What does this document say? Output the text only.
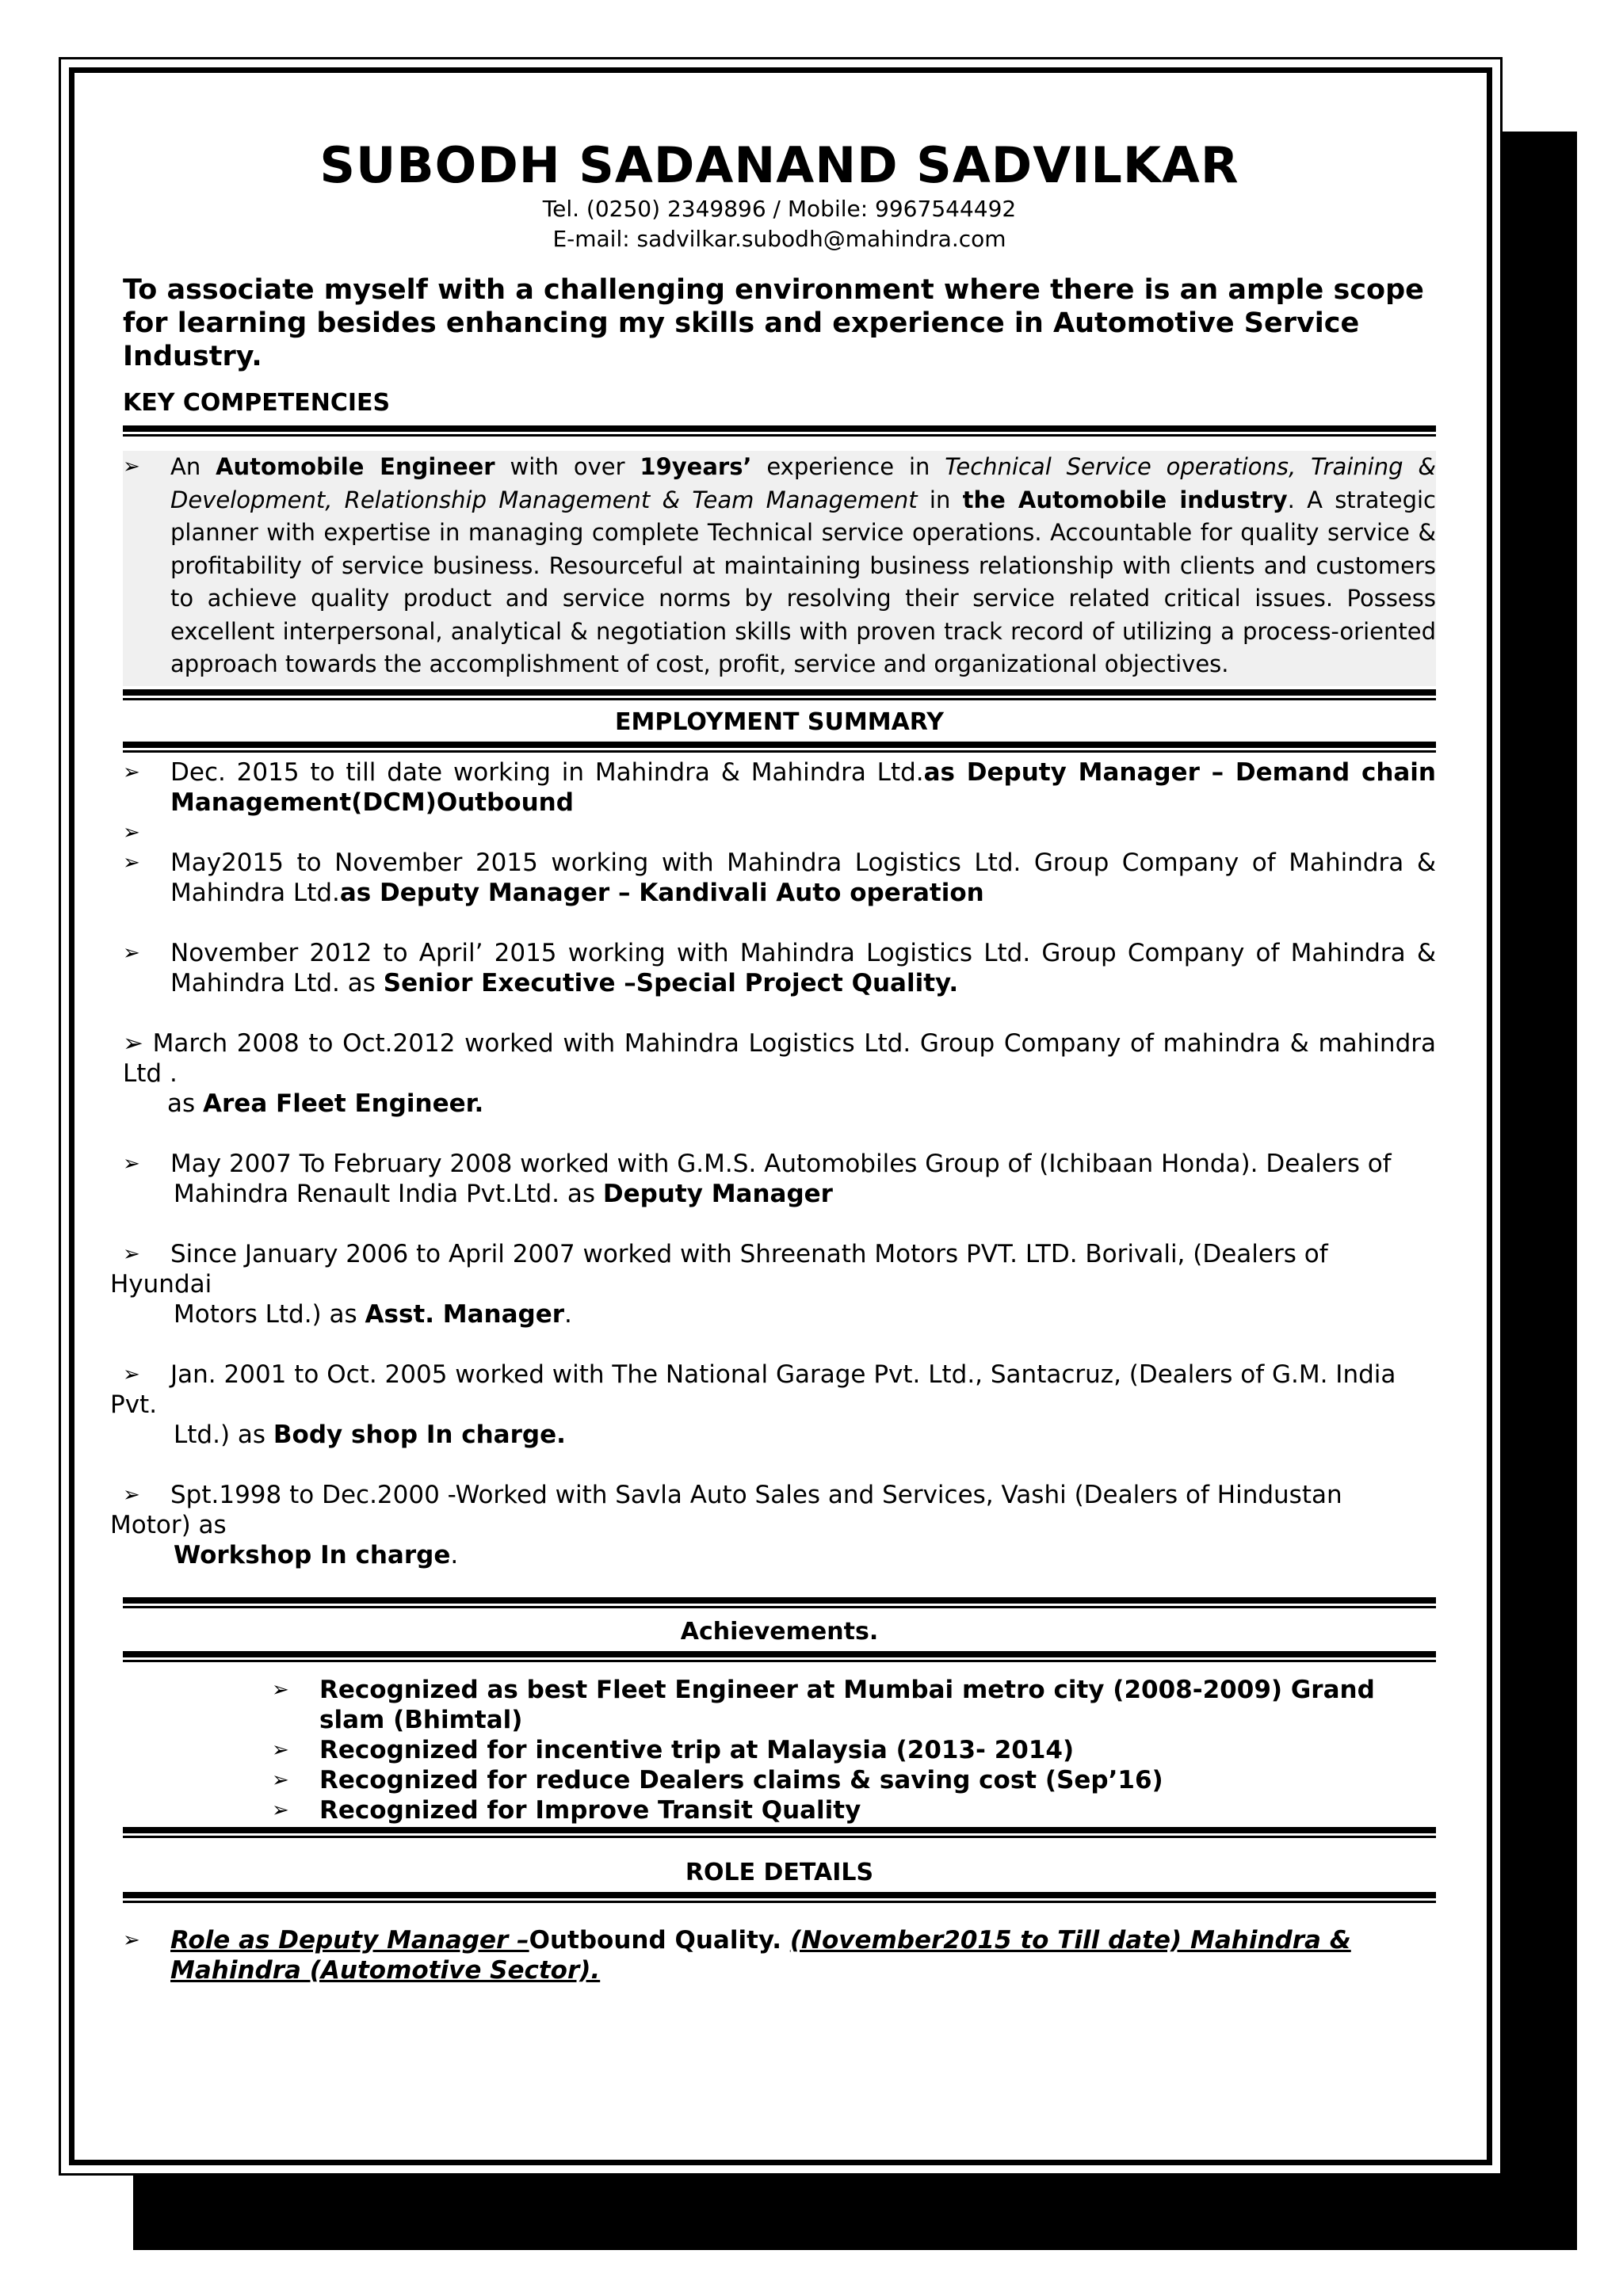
SUBODH SADANAND SADVILKAR
Tel. (0250) 2349896 / Mobile: 9967544492
E-mail: sadvilkar.subodh@mahindra.com
To associate myself with a challenging environment where there is an ample scope for learning besides enhancing my skills and experience in Automotive Service Industry.
KEY COMPETENCIES
➢	An Automobile Engineer with over 19years’ experience in Technical Service operations, Training & Development, Relationship Management & Team Management in the Automobile industry. A strategic planner with expertise in managing complete Technical service operations. Accountable for quality service & profitability of service business. Resourceful at maintaining business relationship with clients and customers to achieve quality product and service norms by resolving their service related critical issues. Possess excellent interpersonal, analytical & negotiation skills with proven track record of utilizing a process-oriented approach towards the accomplishment of cost, profit, service and organizational objectives.
EMPLOYMENT SUMMARY
➢	Dec. 2015 to till date working in Mahindra & Mahindra Ltd.as Deputy Manager – Demand chain Management(DCM)Outbound
➢
➢	May2015 to November 2015 working with Mahindra Logistics Ltd. Group Company of Mahindra & Mahindra Ltd.as Deputy Manager – Kandivali Auto operation
➢	November 2012 to April’ 2015 working with Mahindra Logistics Ltd. Group Company of Mahindra & Mahindra Ltd. as Senior Executive –Special Project Quality.
➢ March 2008 to Oct.2012 worked with Mahindra Logistics Ltd. Group Company of mahindra & mahindra Ltd .
as Area Fleet Engineer.
➢	May 2007 To February 2008 worked with G.M.S. Automobiles Group of (Ichibaan Honda). Dealers of
Mahindra Renault India Pvt.Ltd. as Deputy Manager
➢	Since January 2006 to April 2007 worked with Shreenath Motors PVT. LTD. Borivali, (Dealers of
Hyundai
Motors Ltd.) as Asst. Manager.
➢	Jan. 2001 to Oct. 2005 worked with The National Garage Pvt. Ltd., Santacruz, (Dealers of G.M. India
Pvt.
Ltd.) as Body shop In charge.
➢	Spt.1998 to Dec.2000 -Worked with Savla Auto Sales and Services, Vashi (Dealers of Hindustan
Motor) as
Workshop In charge.
Achievements.
➢	Recognized as best Fleet Engineer at Mumbai metro city (2008-2009) Grand slam (Bhimtal)
➢	Recognized for incentive trip at Malaysia (2013- 2014)
➢	Recognized for reduce Dealers claims & saving cost (Sep’16)
➢	Recognized for Improve Transit Quality
ROLE DETAILS
➢	Role as Deputy Manager –Outbound Quality. (November2015 to Till date) Mahindra & Mahindra (Automotive Sector).
